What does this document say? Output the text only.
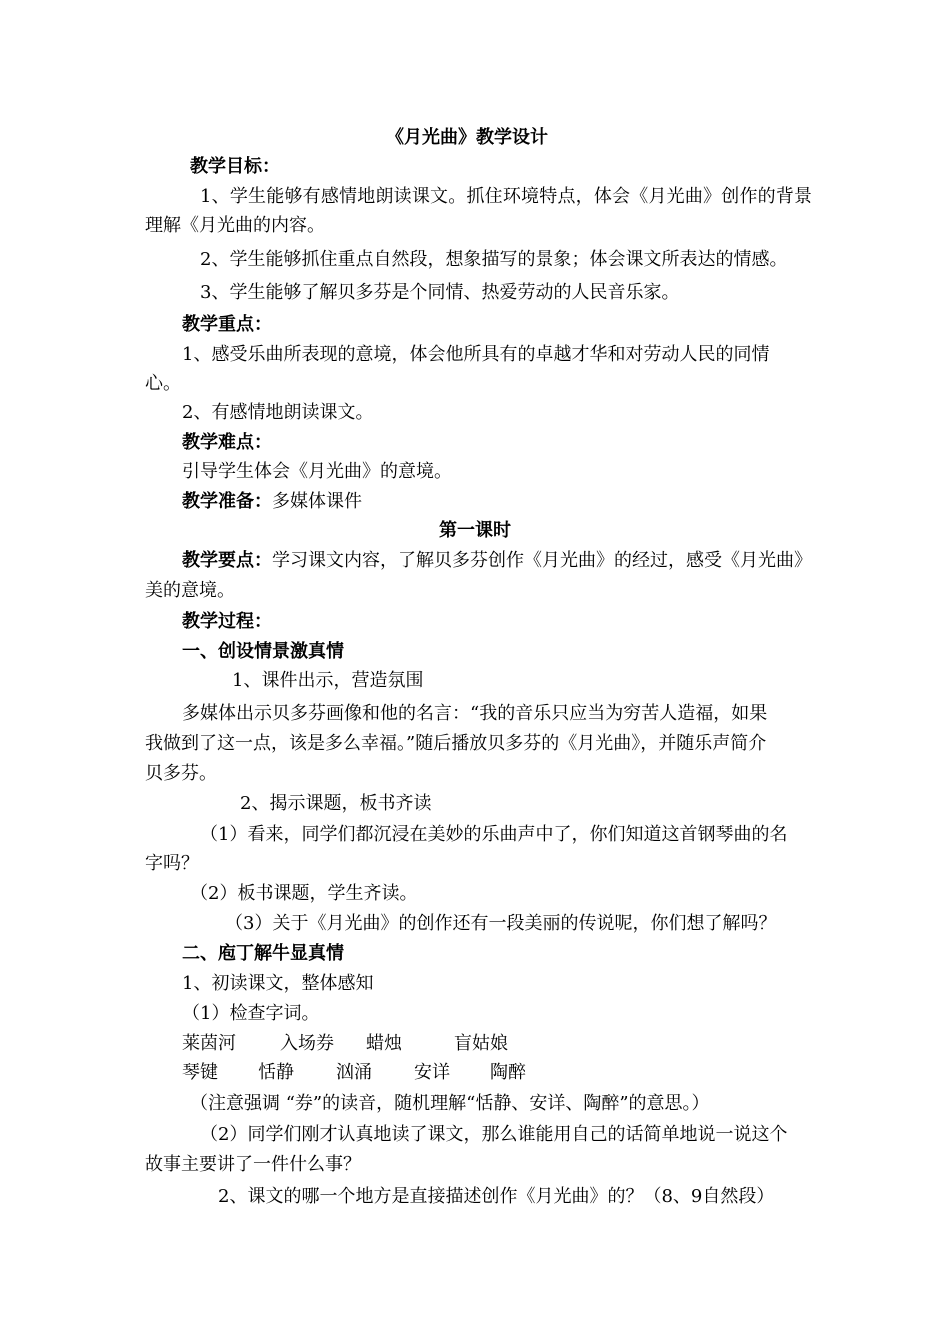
《月光曲》教学设计
教学目标：
1、学生能够有感情地朗读课文。抓住环境特点，体会《月光曲》创作的背景
理解《月光曲的内容。
2、学生能够抓住重点自然段，想象描写的景象；体会课文所表达的情感。
3、学生能够了解贝多芬是个同情、热爱劳动的人民音乐家。
教学重点：
1、感受乐曲所表现的意境，体会他所具有的卓越才华和对劳动人民的同情
心。
2、有感情地朗读课文。
教学难点：
引导学生体会《月光曲》的意境。
教学准备：多媒体课件
第一课时
教学要点：学习课文内容，了解贝多芬创作《月光曲》的经过，感受《月光曲》
美的意境。
教学过程：
一、创设情景激真情
1、课件出示，营造氛围
多媒体出示贝多芬画像和他的名言：“我的音乐只应当为穷苦人造福，如果
我做到了这一点，该是多么幸福。”随后播放贝多芬的《月光曲》，并随乐声简介
贝多芬。
2、揭示课题，板书齐读
（1）看来，同学们都沉浸在美妙的乐曲声中了，你们知道这首钢琴曲的名
字吗？
（2）板书课题，学生齐读。
（3）关于《月光曲》的创作还有一段美丽的传说呢，你们想了解吗？
二、庖丁解牛显真情
1、初读课文，整体感知
（1）检查字词。
莱茵河 入场券 蜡烛	盲姑娘
琴键 恬静 汹涌 安详 陶醉
（注意强调 “券”的读音，随机理解“恬静、安详、陶醉”的意思。）
（2）同学们刚才认真地读了课文，那么谁能用自己的话简单地说一说这个
故事主要讲了一件什么事？
2、课文的哪一个地方是直接描述创作《月光曲》的？（8、9自然段）
